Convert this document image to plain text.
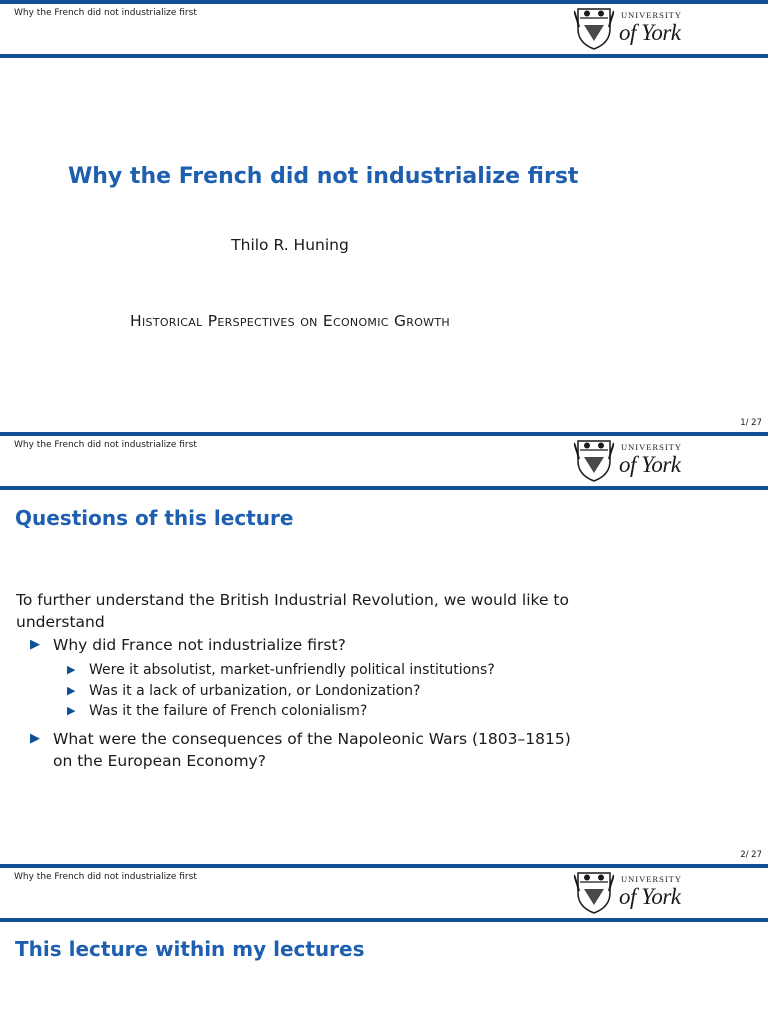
Why the French did not industrialize first	UNIVERSITY
of York
Why the French did not industrialize first
Thilo R. Huning
Historical Perspectives on Economic Growth
1/ 27
Why the French did not industrialize first	UNIVERSITY
of York
Questions of this lecture

To further understand the British Industrial Revolution, we would like to understand

▶ Why did France not industrialize first?
▶ Were it absolutist, market-unfriendly political institutions?
▶ Was it a lack of urbanization, or Londonization?
▶ Was it the failure of French colonialism?
▶ What were the consequences of the Napoleonic Wars (1803–1815) on the European Economy?
2/ 27
Why the French did not industrialize first	UNIVERSITY
of York
This lecture within my lectures
